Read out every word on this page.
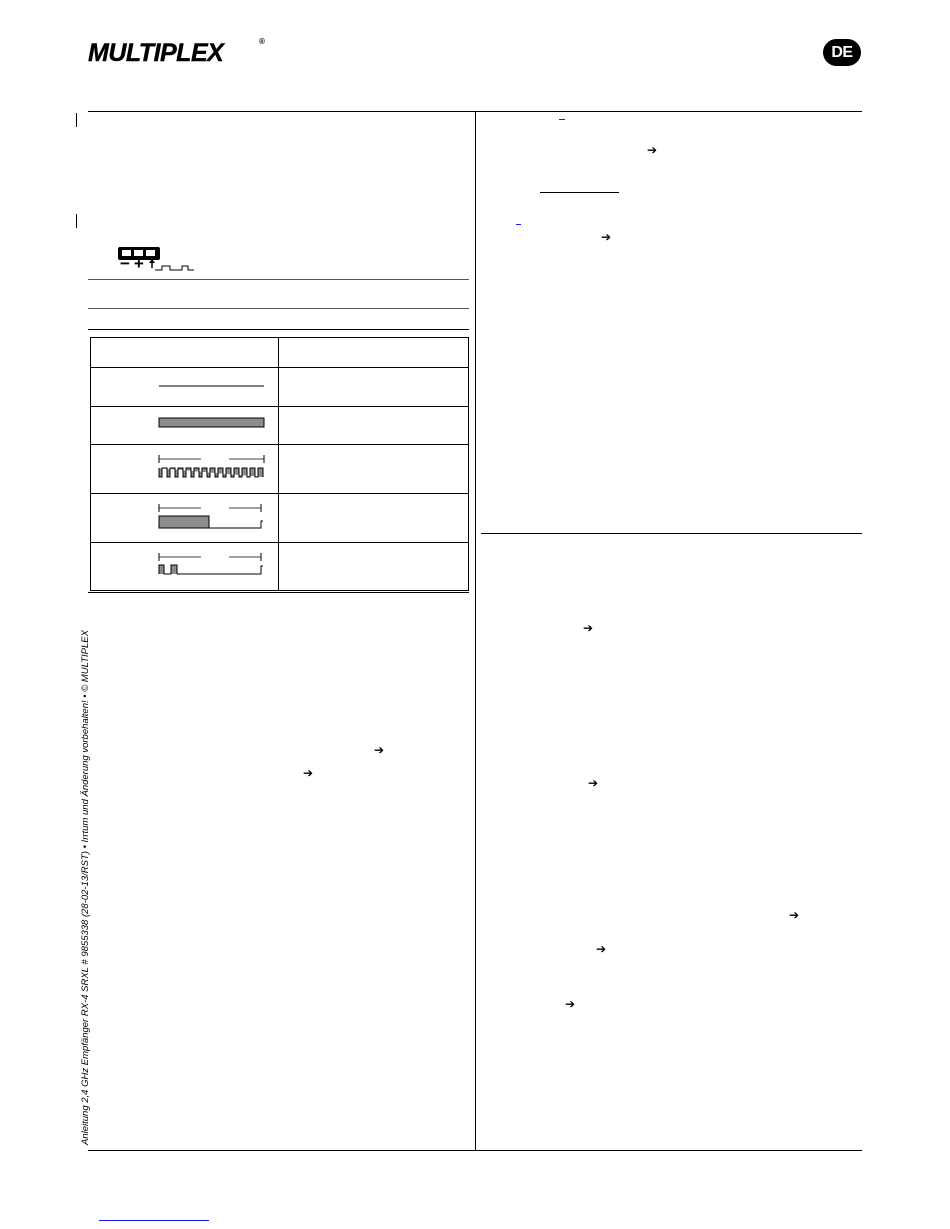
MULTIPLEX	®
DE
−+

➔
➔
➔
➔
➔
➔
➔
➔
➔
Anleitung 2,4 GHz Empfänger RX-4 SRXL # 9855338 (28-02-13/RST) • Irrtum und Änderung vorbehalten! • © MULTIPLEX
